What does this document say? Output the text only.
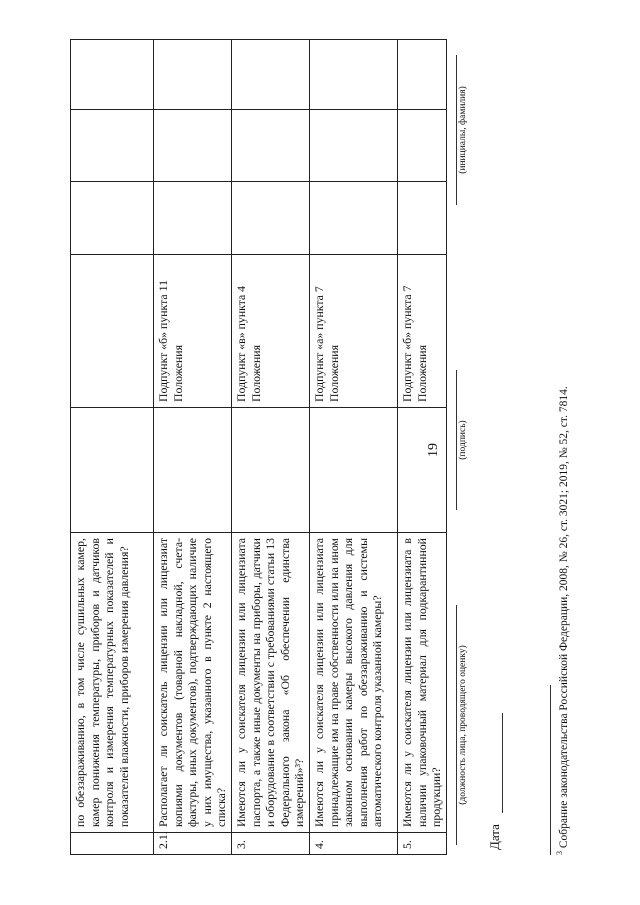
19
	по обеззараживанию, в том числе сушильных камер, камер понижения температуры, приборов и датчиков контроля и измерения температурных показателей и показателей влажности, приборов измерения давления?					
2.1.	Располагает ли соискатель лицензии или лицензиат копиями документов (товарной накладной, счета-фактуры, иных документов), подтверждающих наличие у них имущества, указанного в пункте 2 настоящего списка?		Подпункт «б» пункта 11 Положения			
3.	Имеются ли у соискателя лицензии или лицензиата паспорта, а также иные документы на приборы, датчики и оборудование в соответствии с требованиями статьи 13 Федерального закона «Об обеспечении единства измерений»³?		Подпункт «в» пункта 4 Положения			
4.	Имеются ли у соискателя лицензии или лицензиата принадлежащие им на праве собственности или на ином законном основании камеры высокого давления для выполнения работ по обеззараживанию и системы автоматического контроля указанной камеры?		Подпункт «а» пункта 7 Положения			
5.	Имеются ли у соискателя лицензии или лицензиата в наличии упаковочный материал для подкарантинной продукции?		Подпункт «б» пункта 7 Положения			
(должность лица, проводящего оценку)
(подпись)
(инициалы, фамилия)
Дата
$^3$ Собрание законодательства Российской Федерации, 2008, № 26, ст. 3021; 2019, № 52, ст. 7814.
